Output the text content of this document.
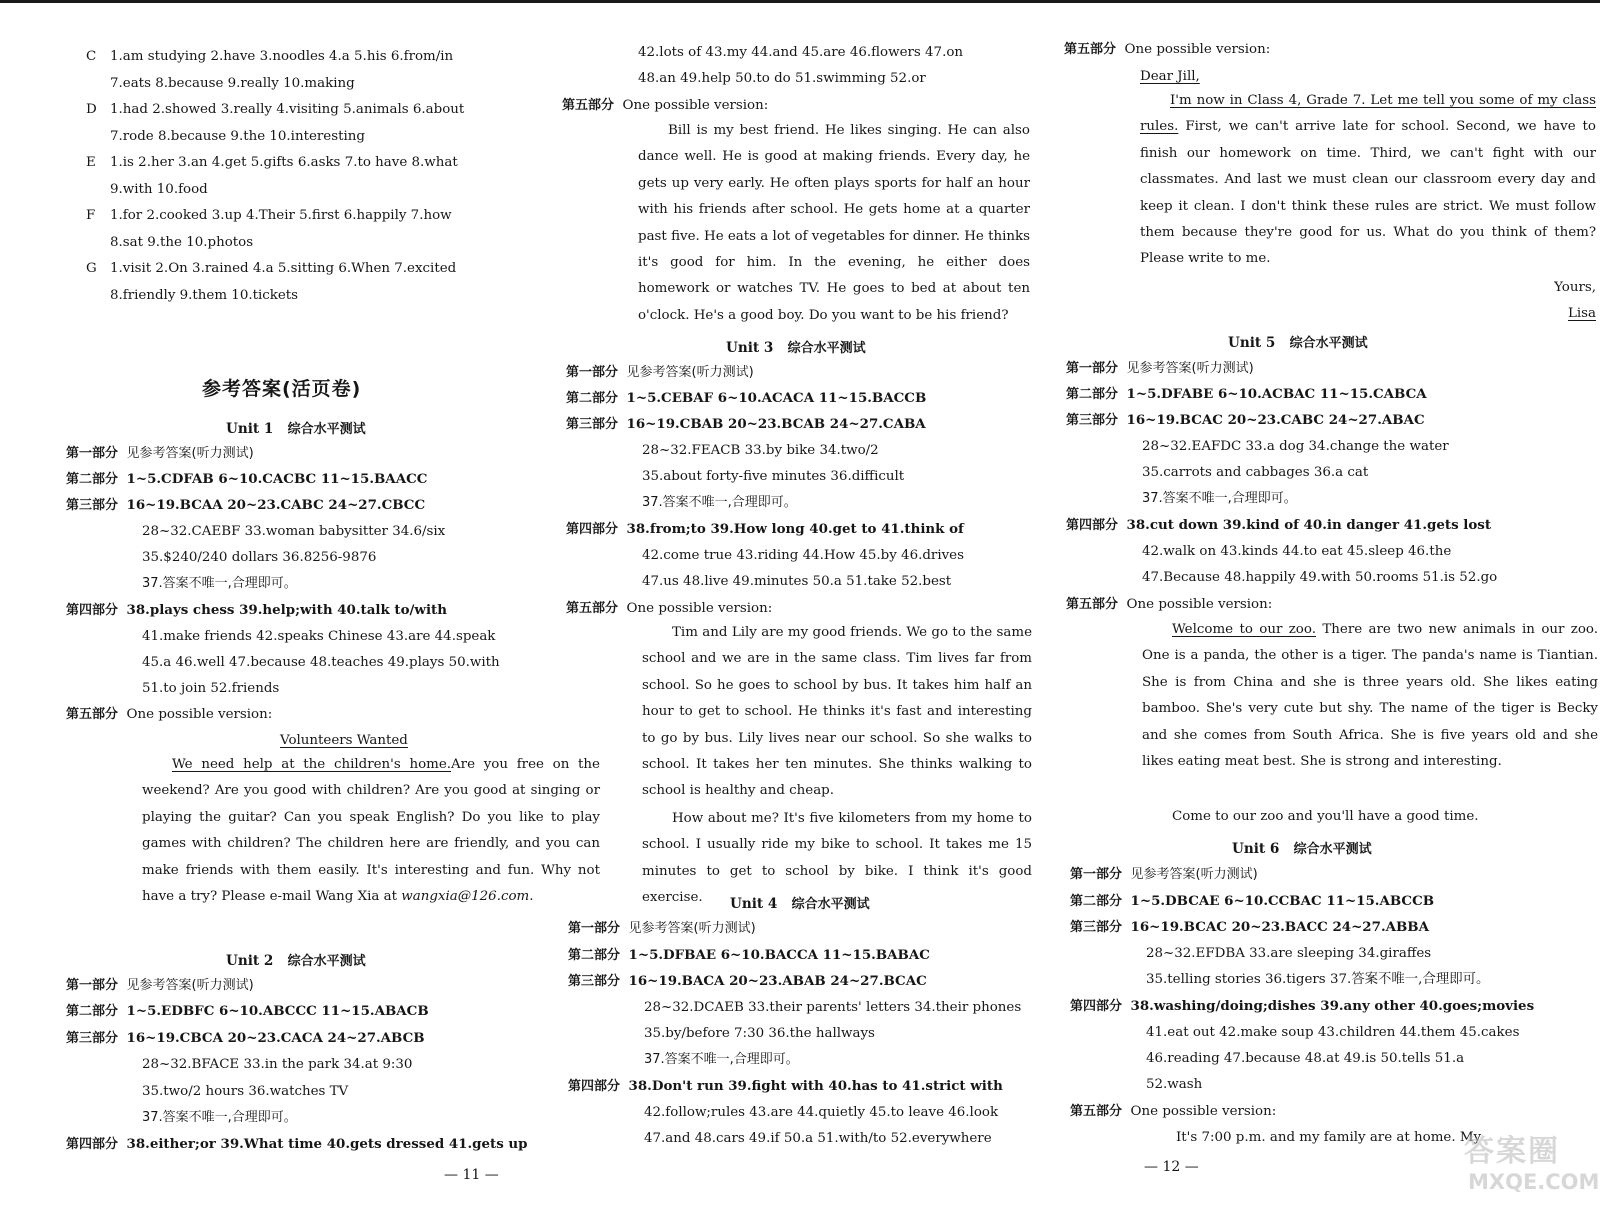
C 1.am studying 2.have 3.noodles 4.a 5.his 6.from/in
7.eats 8.because 9.really 10.making
D 1.had 2.showed 3.really 4.visiting 5.animals 6.about
7.rode 8.because 9.the 10.interesting
E 1.is 2.her 3.an 4.get 5.gifts 6.asks 7.to have 8.what
9.with 10.food
F 1.for 2.cooked 3.up 4.Their 5.first 6.happily 7.how
8.sat 9.the 10.photos
G 1.visit 2.On 3.rained 4.a 5.sitting 6.When 7.excited
8.friendly 9.them 10.tickets
参考答案(活页卷)
Unit 1 综合水平测试
第一部分 见参考答案(听力测试)
第二部分 1~5.CDFAB 6~10.CACBC 11~15.BAACC
第三部分 16~19.BCAA 20~23.CABC 24~27.CBCC
28~32.CAEBF 33.woman babysitter 34.6/six
35.$240/240 dollars 36.8256-9876
37.答案不唯一,合理即可。
第四部分 38.plays chess 39.help;with 40.talk to/with
41.make friends 42.speaks Chinese 43.are 44.speak
45.a 46.well 47.because 48.teaches 49.plays 50.with
51.to join 52.friends
第五部分 One possible version:
Volunteers Wanted
We need help at the children's home.Are you free on the weekend? Are you good with children? Are you good at singing or playing the guitar? Can you speak English? Do you like to play games with children? The children here are friendly, and you can make friends with them easily. It's interesting and fun. Why not have a try? Please e-mail Wang Xia at wangxia@126.com.
Unit 2 综合水平测试
第一部分 见参考答案(听力测试)
第二部分 1~5.EDBFC 6~10.ABCCC 11~15.ABACB
第三部分 16~19.CBCA 20~23.CACA 24~27.ABCB
28~32.BFACE 33.in the park 34.at 9:30
35.two/2 hours 36.watches TV
37.答案不唯一,合理即可。
第四部分 38.either;or 39.What time 40.gets dressed 41.gets up
— 11 —
42.lots of 43.my 44.and 45.are 46.flowers 47.on
48.an 49.help 50.to do 51.swimming 52.or
第五部分 One possible version:
Bill is my best friend. He likes singing. He can also dance well. He is good at making friends. Every day, he gets up very early. He often plays sports for half an hour with his friends after school. He gets home at a quarter past five. He eats a lot of vegetables for dinner. He thinks it's good for him. In the evening, he either does homework or watches TV. He goes to bed at about ten o'clock. He's a good boy. Do you want to be his friend?
Unit 3 综合水平测试
第一部分 见参考答案(听力测试)
第二部分 1~5.CEBAF 6~10.ACACA 11~15.BACCB
第三部分 16~19.CBAB 20~23.BCAB 24~27.CABA
28~32.FEACB 33.by bike 34.two/2
35.about forty-five minutes 36.difficult
37.答案不唯一,合理即可。
第四部分 38.from;to 39.How long 40.get to 41.think of
42.come true 43.riding 44.How 45.by 46.drives
47.us 48.live 49.minutes 50.a 51.take 52.best
第五部分 One possible version:
Tim and Lily are my good friends. We go to the same school and we are in the same class. Tim lives far from school. So he goes to school by bus. It takes him half an hour to get to school. He thinks it's fast and interesting to go by bus. Lily lives near our school. So she walks to school. It takes her ten minutes. She thinks walking to school is healthy and cheap.
How about me? It's five kilometers from my home to school. I usually ride my bike to school. It takes me 15 minutes to get to school by bike. I think it's good exercise.	Unit 4 综合水平测试
第一部分 见参考答案(听力测试)
第二部分 1~5.DFBAE 6~10.BACCA 11~15.BABAC
第三部分 16~19.BACA 20~23.ABAB 24~27.BCAC
28~32.DCAEB 33.their parents' letters 34.their phones
35.by/before 7:30 36.the hallways
37.答案不唯一,合理即可。
第四部分 38.Don't run 39.fight with 40.has to 41.strict with
42.follow;rules 43.are 44.quietly 45.to leave 46.look
47.and 48.cars 49.if 50.a 51.with/to 52.everywhere
第五部分 One possible version:
Dear Jill,
I'm now in Class 4, Grade 7. Let me tell you some of my class rules. First, we can't arrive late for school. Second, we have to finish our homework on time. Third, we can't fight with our classmates. And last we must clean our classroom every day and keep it clean. I don't think these rules are strict. We must follow them because they're good for us. What do you think of them? Please write to me.
Yours,
Lisa
Unit 5 综合水平测试
第一部分 见参考答案(听力测试)
第二部分 1~5.DFABE 6~10.ACBAC 11~15.CABCA
第三部分 16~19.BCAC 20~23.CABC 24~27.ABAC
28~32.EAFDC 33.a dog 34.change the water
35.carrots and cabbages 36.a cat
37.答案不唯一,合理即可。
第四部分 38.cut down 39.kind of 40.in danger 41.gets lost
42.walk on 43.kinds 44.to eat 45.sleep 46.the
47.Because 48.happily 49.with 50.rooms 51.is 52.go
第五部分 One possible version:
Welcome to our zoo. There are two new animals in our zoo. One is a panda, the other is a tiger. The panda's name is Tiantian. She is from China and she is three years old. She likes eating bamboo. She's very cute but shy. The name of the tiger is Becky and she comes from South Africa. She is five years old and she likes eating meat best. She is strong and interesting.
Come to our zoo and you'll have a good time.
Unit 6 综合水平测试
第一部分 见参考答案(听力测试)
第二部分 1~5.DBCAE 6~10.CCBAC 11~15.ABCCB
第三部分 16~19.BCAC 20~23.BACC 24~27.ABBA
28~32.EFDBA 33.are sleeping 34.giraffes
35.telling stories 36.tigers 37.答案不唯一,合理即可。
第四部分 38.washing/doing;dishes 39.any other 40.goes;movies
41.eat out 42.make soup 43.children 44.them 45.cakes
46.reading 47.because 48.at 49.is 50.tells 51.a
52.wash
第五部分 One possible version:
It's 7:00 p.m. and my family are at home. My
— 12 —	答案圈
MXQE.COM
